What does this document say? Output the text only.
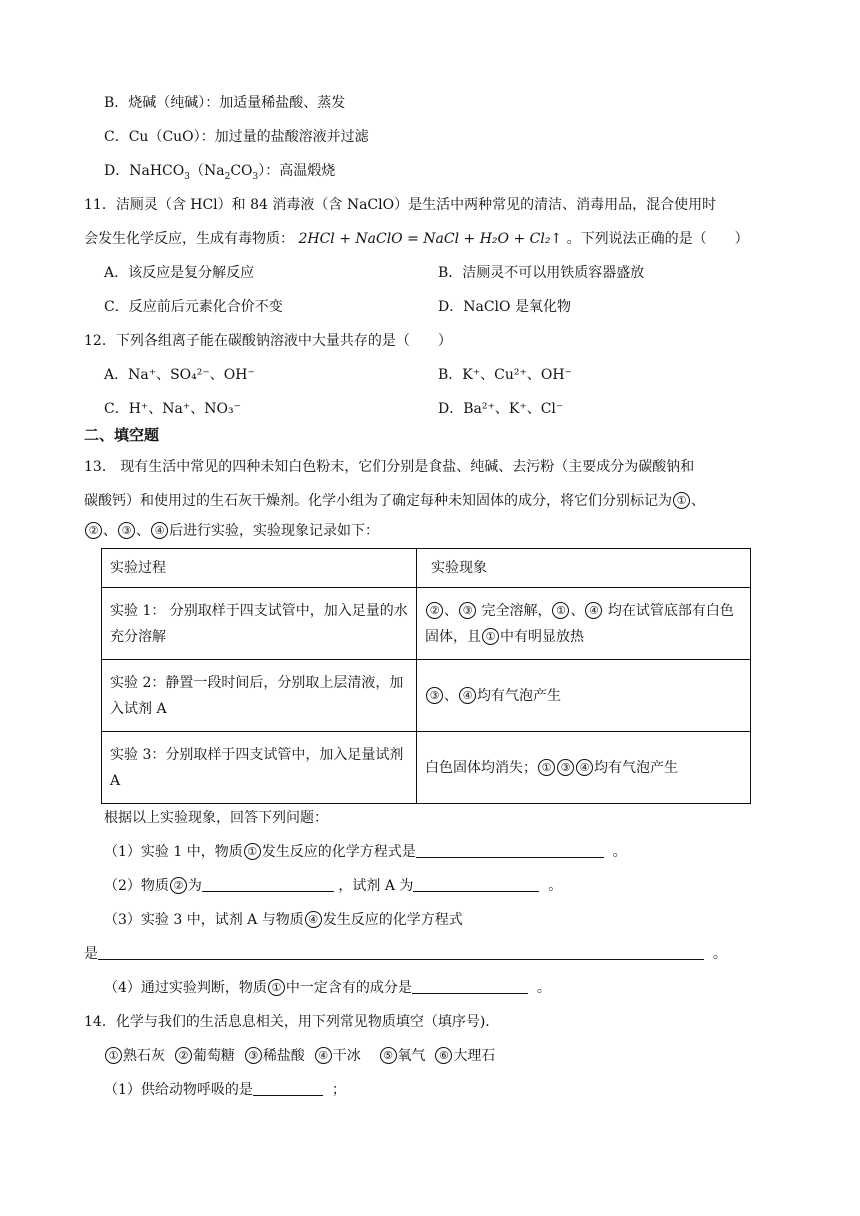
B．烧碱（纯碱）：加适量稀盐酸、蒸发
C．Cu（CuO）：加过量的盐酸溶液并过滤
D．$NaHCO_3(Na_2CO_3)$：高温煅烧
11．洁厕灵（含 HCl）和 84 消毒液（含 NaClO）是生活中两种常见的清洁、消毒用品，混合使用时
会发生化学反应，生成有毒物质： 2HCl + NaClO = NaCl + H₂O + Cl₂↑ 。下列说法正确的是（　　）
A．该反应是复分解反应	B．洁厕灵不可以用铁质容器盛放
C．反应前后元素化合价不变	D．NaClO 是氧化物
12．下列各组离子能在碳酸钠溶液中大量共存的是（　　）
A．Na⁺、SO₄²⁻、OH⁻	B．K⁺、Cu²⁺、OH⁻
C．H⁺、Na⁺、NO₃⁻	D．Ba²⁺、K⁺、Cl⁻
二、填空题
13． 现有生活中常见的四种未知白色粉末，它们分别是食盐、纯碱、去污粉（主要成分为碳酸钠和
碳酸钙）和使用过的生石灰干燥剂。化学小组为了确定每种未知固体的成分，将它们分别标记为 ① 、
② 、 ③ 、 ④ 后进行实验，实验现象记录如下：
实验过程	实验现象
实验 1： 分别取样于四支试管中，加入足量的水充分溶解	② 、 ③ 完全溶解， ① 、 ④ 均在试管底部有白色固体，且 ① 中有明显放热
实验 2：静置一段时间后，分别取上层清液，加入试剂 A	③ 、 ④ 均有气泡产生
实验 3：分别取样于四支试管中，加入足量试剂 A	白色固体均消失； ① ③ ④ 均有气泡产生
根据以上实验现象，回答下列问题：
（1）实验 1 中，物质 ① 发生反应的化学方程式是	。
（2）物质 ② 为	，试剂 A 为	。
（3）实验 3 中，试剂 A 与物质 ④ 发生反应的化学方程式
是	。
（4）通过实验判断，物质 ① 中一定含有的成分是	。
14．化学与我们的生活息息相关，用下列常见物质填空（填序号).
① 熟石灰 ② 葡萄糖 ③ 稀盐酸 ④ 干冰 ⑤ 氧气 ⑥ 大理石
（1）供给动物呼吸的是	；
